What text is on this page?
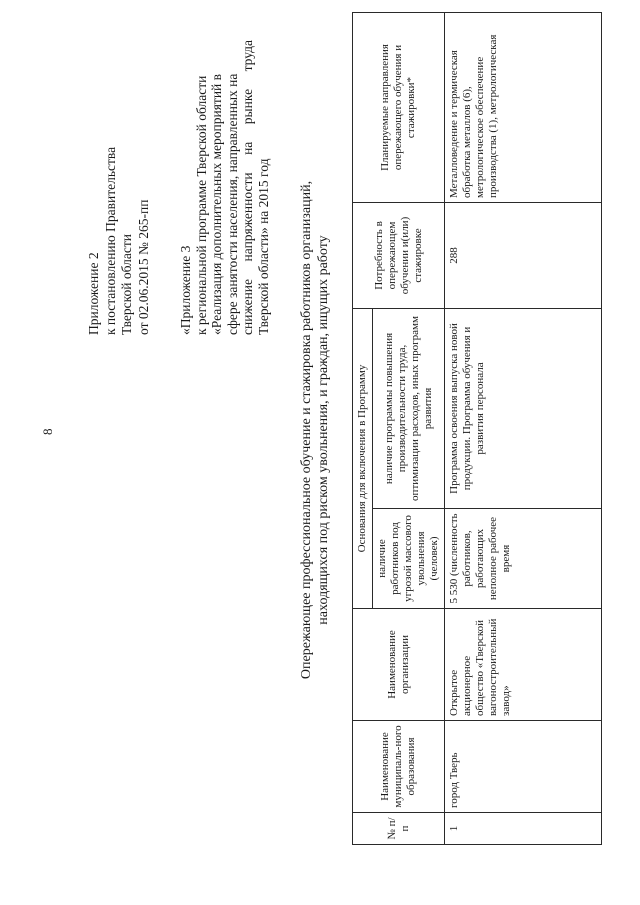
8
Приложение 2 к постановлению Правительства Тверской области от 02.06.2015 № 265-пп «Приложение 3 к региональной программе Тверской области «Реализация дополнительных мероприятий в сфере занятости населения, направленных на снижение
напряженности
на
рынке
труда
Тверской области» на 2015 год Опережающее профессиональное обучение и стажировка работников организаций, находящихся под риском увольнения, и граждан, ищущих работу
№ п/п	Наименование муниципаль-ного образования	Наименование организации	Основания для включения в Программу		Потребность в опережающем обучении и(или) стажировке	Планируемые направления опережающего обучения и стажировки*
			наличие работников под угрозой массового увольнения (человек)	наличие программы повышения производительности труда, оптимизации расходов, иных программ развития		
1	город Тверь	Открытое акционерное общество «Тверской вагоностроительный завод»	5 530 (численность работников, работающих неполное рабочее время	Программа освоения выпуска новой продукции. Программа обучения и развития персонала	288	Металловедение и термическая обработка металлов (6), метрологическое обеспечение производства (1), метрологическая
